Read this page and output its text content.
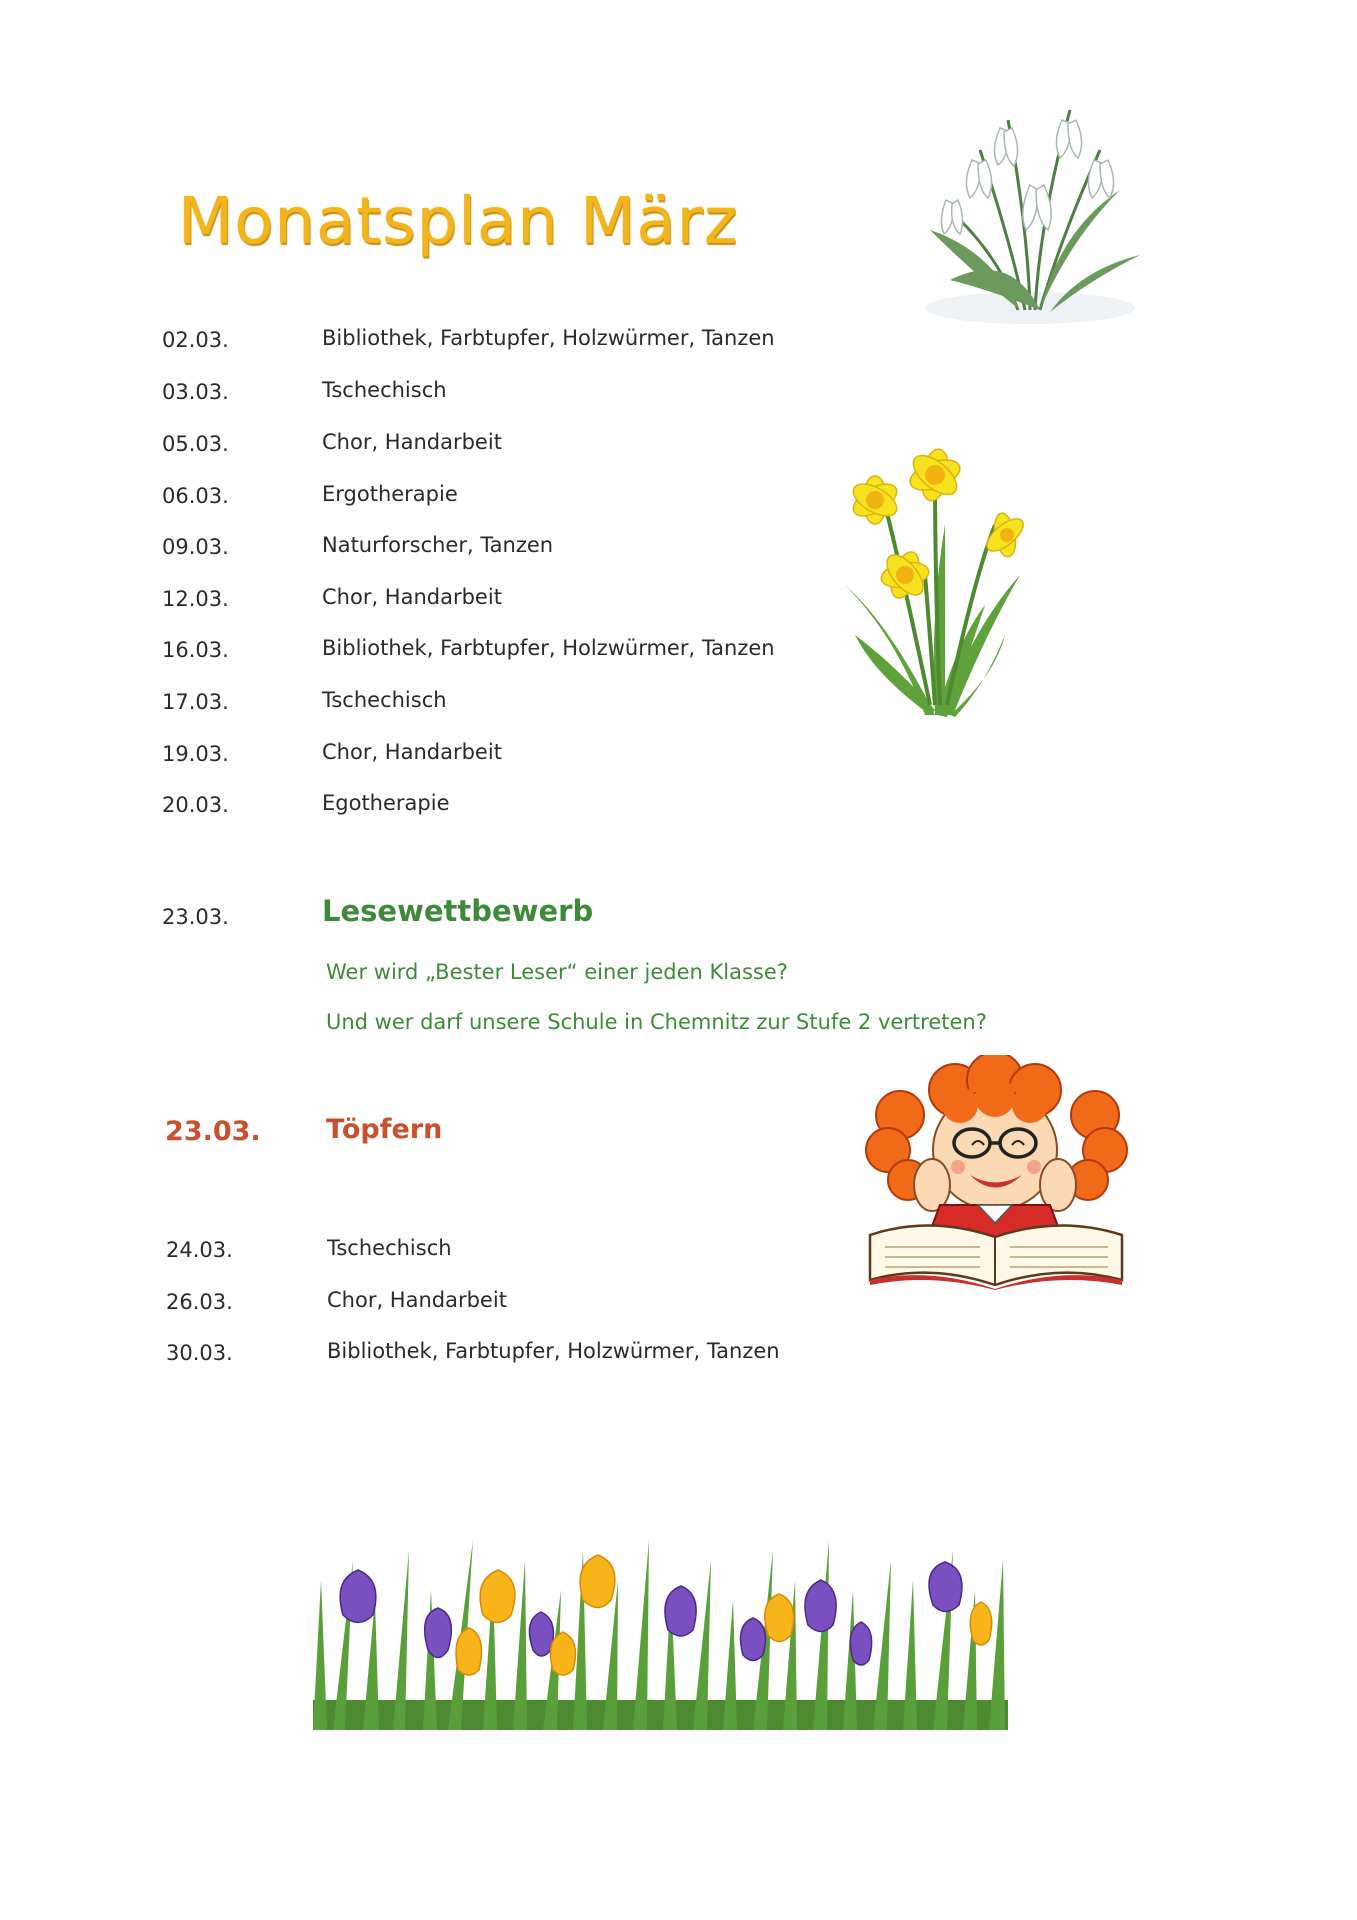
Monatsplan März
02.03.	Bibliothek, Farbtupfer, Holzwürmer, Tanzen
03.03.	Tschechisch
05.03.	Chor, Handarbeit
06.03.	Ergotherapie
09.03.	Naturforscher, Tanzen
12.03.	Chor, Handarbeit
16.03.	Bibliothek, Farbtupfer, Holzwürmer, Tanzen
17.03.	Tschechisch
19.03.	Chor, Handarbeit
20.03.	Egotherapie
23.03.	Lesewettbewerb
Wer wird „Bester Leser“ einer jeden Klasse?
Und wer darf unsere Schule in Chemnitz zur Stufe 2 vertreten?
23.03. Töpfern
24.03.	Tschechisch
26.03.	Chor, Handarbeit
30.03.	Bibliothek, Farbtupfer, Holzwürmer, Tanzen
